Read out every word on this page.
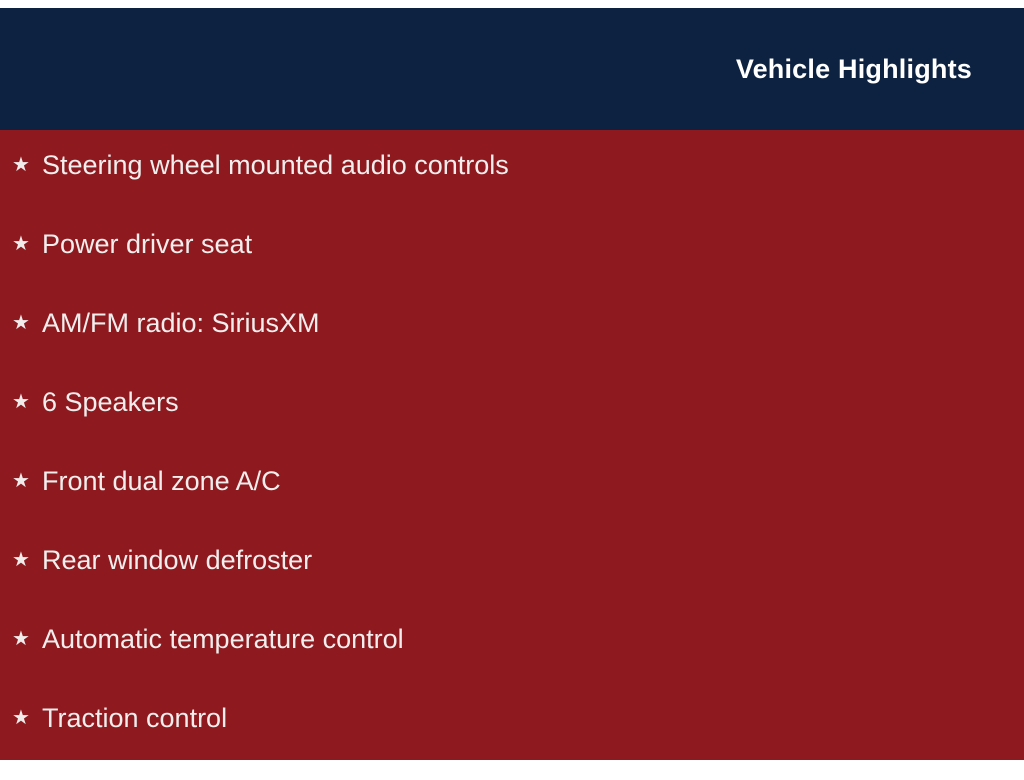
Vehicle Highlights
★ Steering wheel mounted audio controls
★ Power driver seat
★ AM/FM radio: SiriusXM
★ 6 Speakers
★ Front dual zone A/C
★ Rear window defroster
★ Automatic temperature control
★ Traction control
